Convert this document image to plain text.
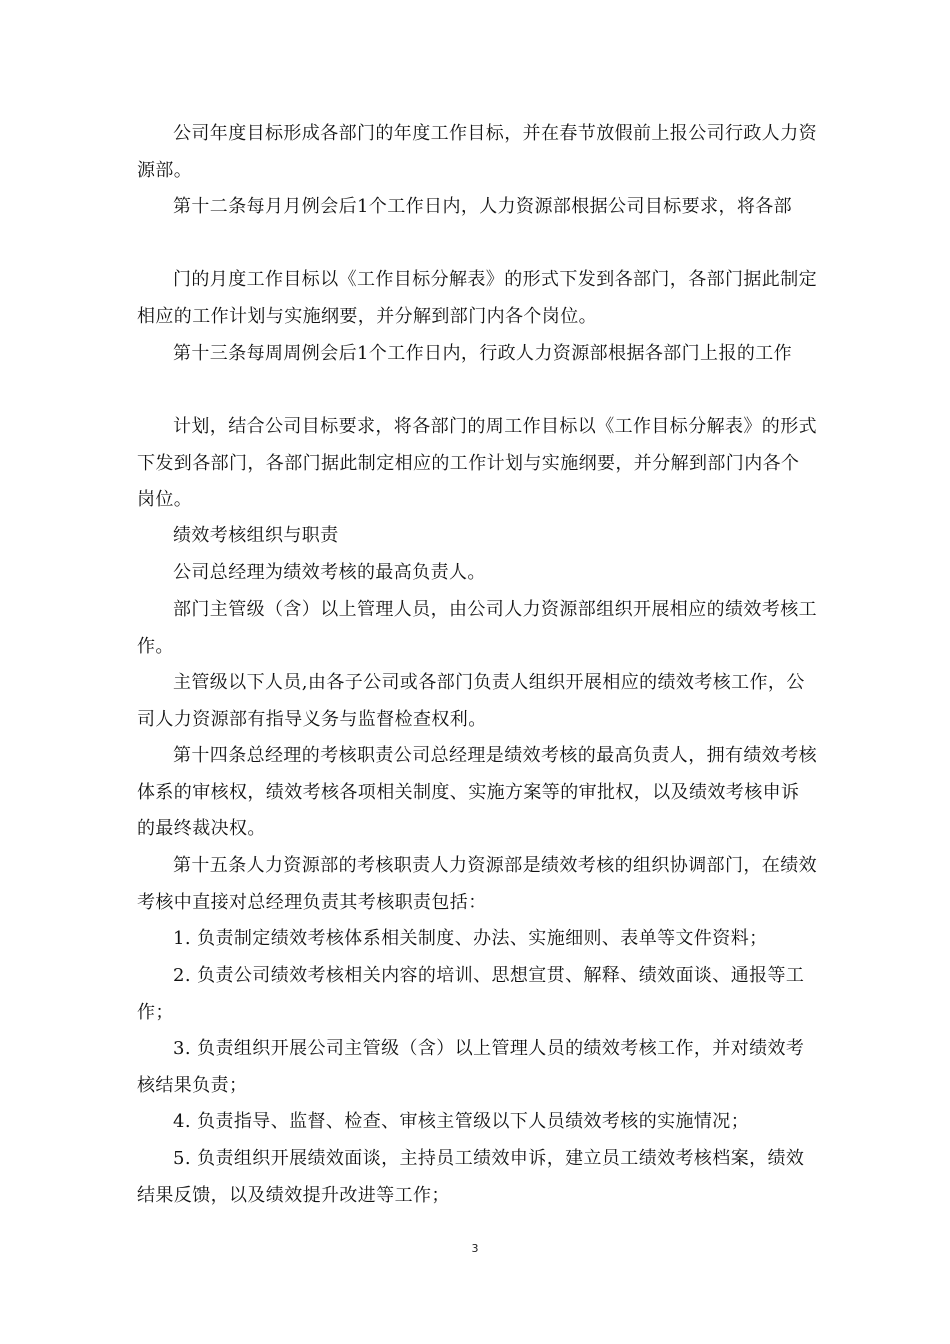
公司年度目标形成各部门的年度工作目标，并在春节放假前上报公司行政人力资源部。

第十二条每月月例会后1个工作日内，人力资源部根据公司目标要求，将各部

门的月度工作目标以《工作目标分解表》的形式下发到各部门，各部门据此制定相应的工作计划与实施纲要，并分解到部门内各个岗位。

第十三条每周周例会后1个工作日内，行政人力资源部根据各部门上报的工作

计划，结合公司目标要求，将各部门的周工作目标以《工作目标分解表》的形式下发到各部门，各部门据此制定相应的工作计划与实施纲要，并分解到部门内各个岗位。

绩效考核组织与职责

公司总经理为绩效考核的最高负责人。

部门主管级（含）以上管理人员，由公司人力资源部组织开展相应的绩效考核工作。

主管级以下人员,由各子公司或各部门负责人组织开展相应的绩效考核工作，公司人力资源部有指导义务与监督检查权利。

第十四条总经理的考核职责公司总经理是绩效考核的最高负责人，拥有绩效考核体系的审核权，绩效考核各项相关制度、实施方案等的审批权，以及绩效考核申诉的最终裁决权。

第十五条人力资源部的考核职责人力资源部是绩效考核的组织协调部门，在绩效考核中直接对总经理负责其考核职责包括：

1. 负责制定绩效考核体系相关制度、办法、实施细则、表单等文件资料；

2. 负责公司绩效考核相关内容的培训、思想宣贯、解释、绩效面谈、通报等工作；

3. 负责组织开展公司主管级（含）以上管理人员的绩效考核工作，并对绩效考核结果负责；

4. 负责指导、监督、检查、审核主管级以下人员绩效考核的实施情况；

5. 负责组织开展绩效面谈，主持员工绩效申诉，建立员工绩效考核档案，绩效结果反馈，以及绩效提升改进等工作；

3
